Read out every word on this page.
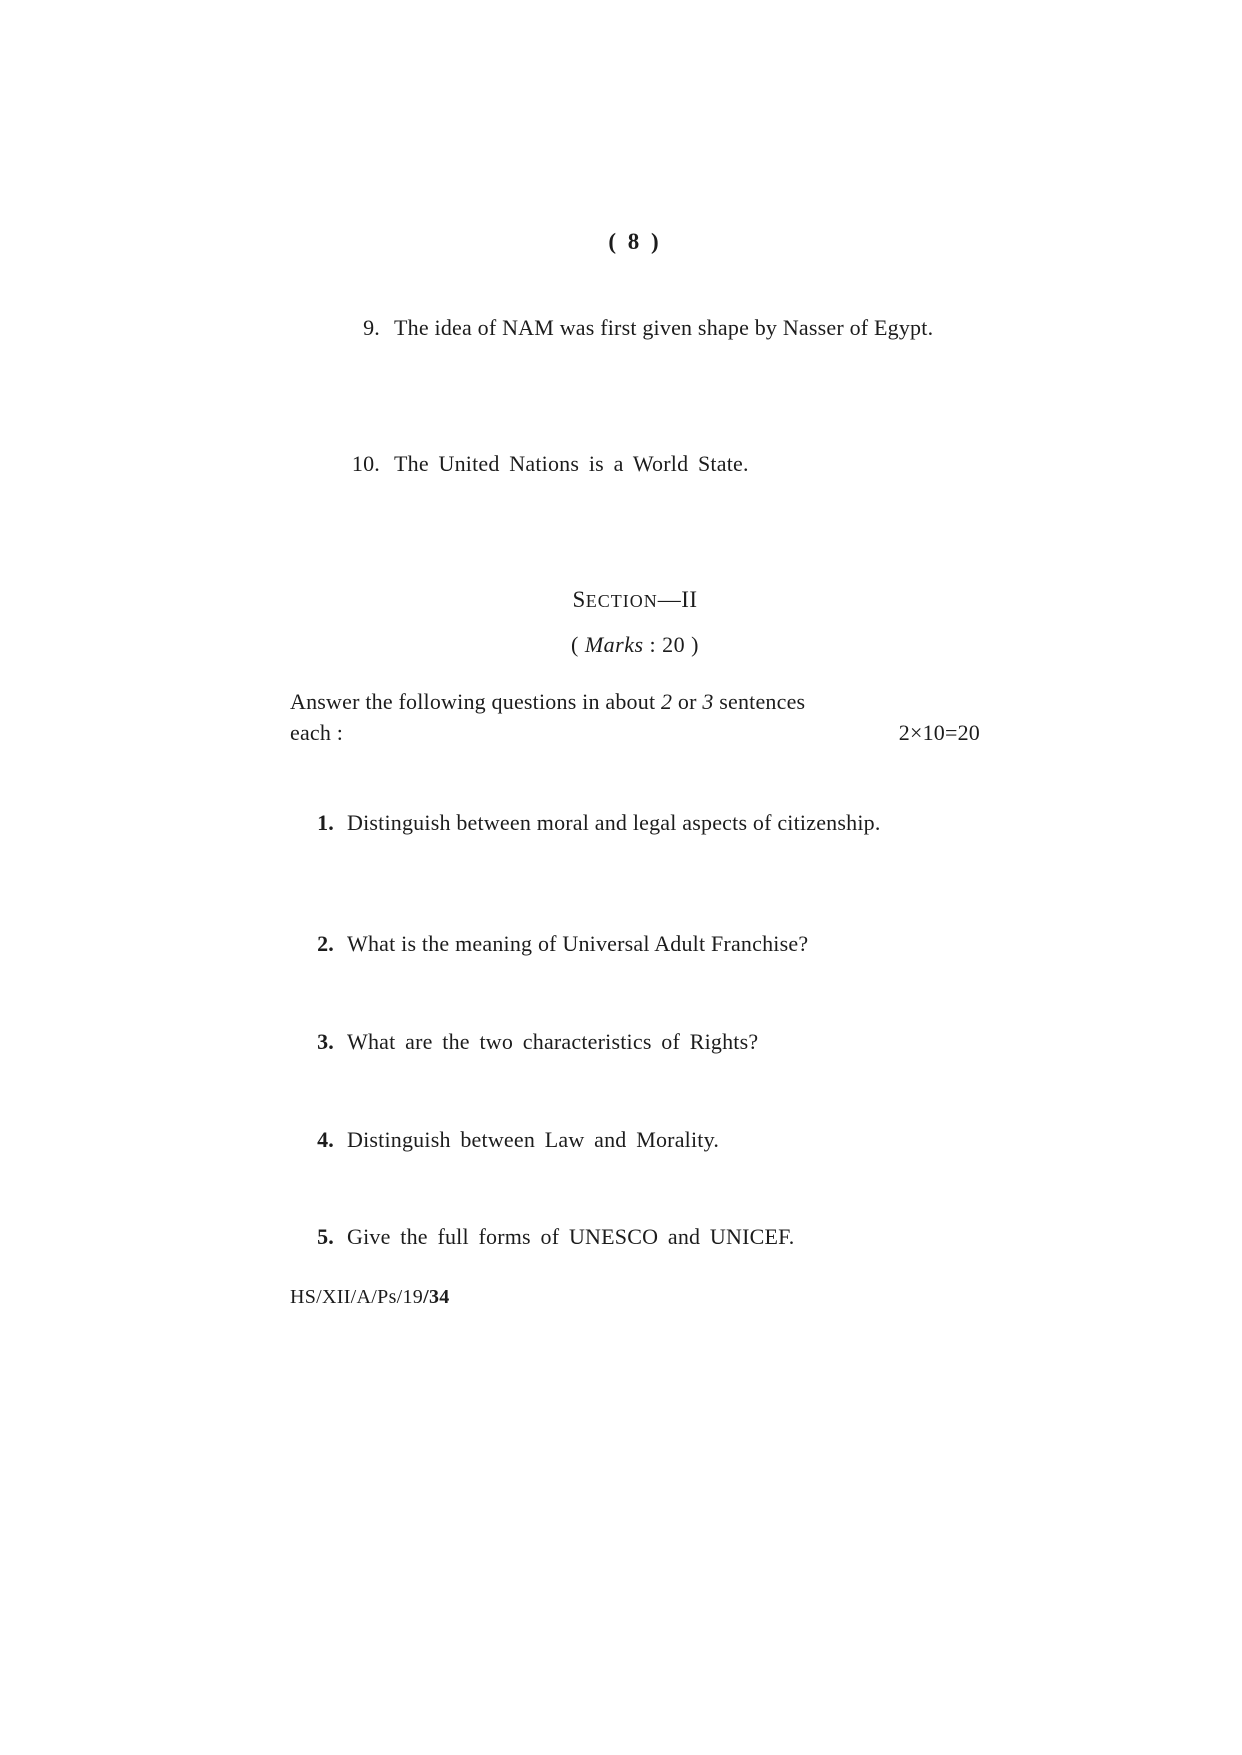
( 8 )
9. The idea of NAM was first given shape by Nasser of Egypt.
10. The United Nations is a World State.
SECTION—II
( Marks : 20 )
Answer the following questions in about 2 or 3 sentences
each :	2×10=20
1. Distinguish between moral and legal aspects of citizenship.
2. What is the meaning of Universal Adult Franchise?
3. What are the two characteristics of Rights?
4. Distinguish between Law and Morality.
5. Give the full forms of UNESCO and UNICEF.
HS/XII/A/Ps/19/34
